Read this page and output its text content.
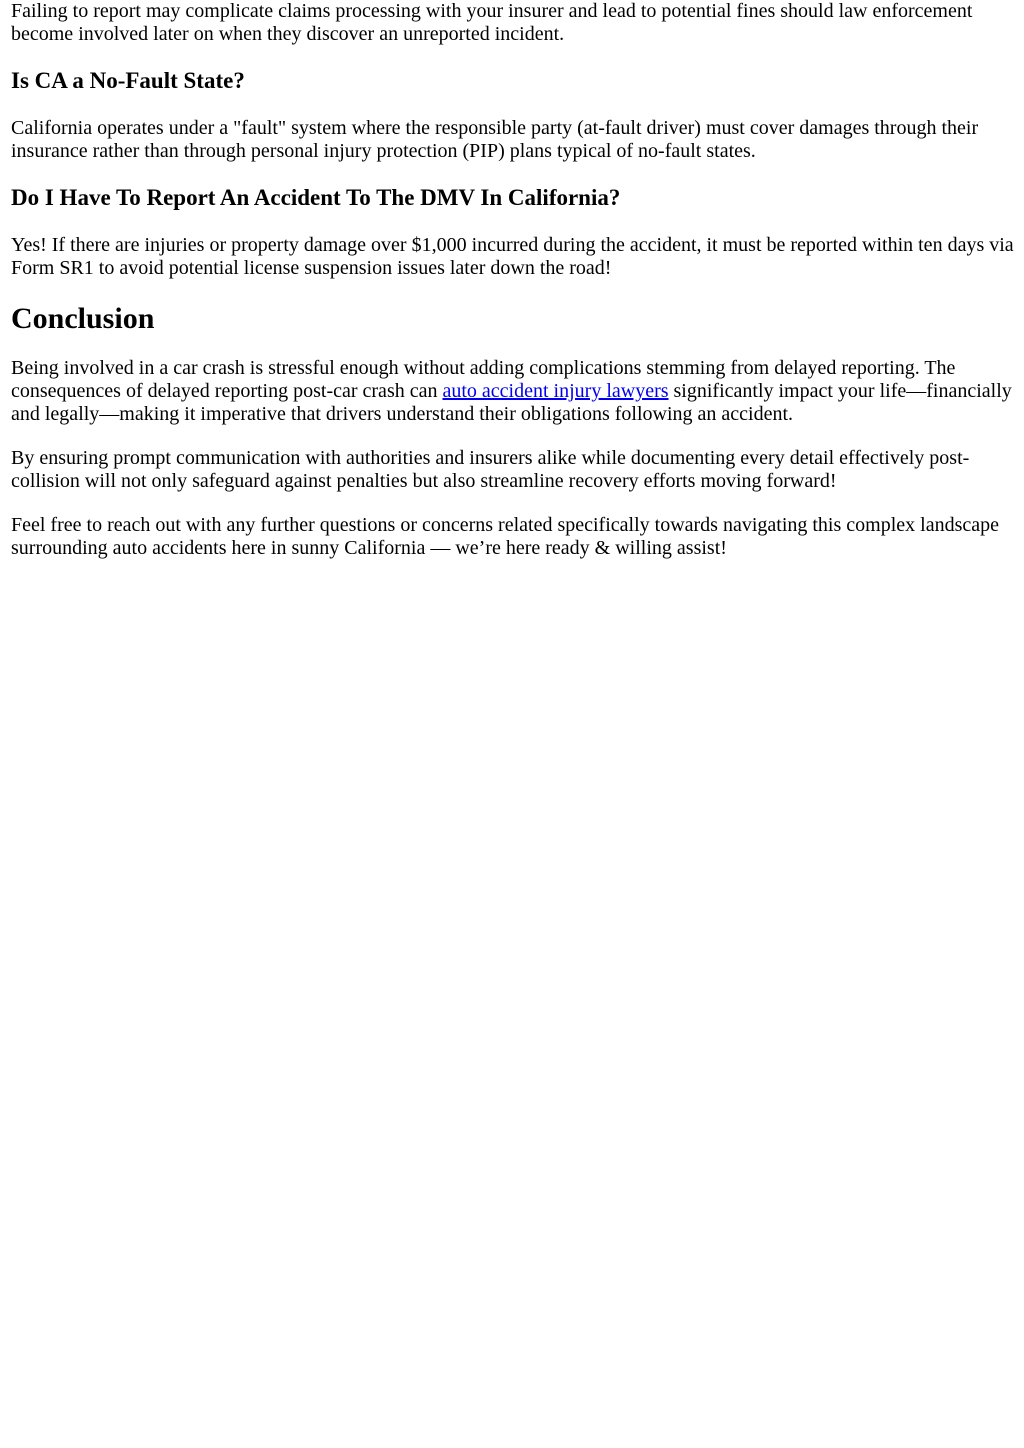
Failing to report may complicate claims processing with your insurer and lead to potential fines should law enforcement become involved later on when they discover an unreported incident.

Is CA a No-Fault State?

California operates under a "fault" system where the responsible party (at-fault driver) must cover damages through their insurance rather than through personal injury protection (PIP) plans typical of no-fault states.

Do I Have To Report An Accident To The DMV In California?

Yes! If there are injuries or property damage over $1,000 incurred during the accident, it must be reported within ten days via Form SR1 to avoid potential license suspension issues later down the road!

Conclusion

Being involved in a car crash is stressful enough without adding complications stemming from delayed reporting. The consequences of delayed reporting post-car crash can auto accident injury lawyers significantly impact your life—financially and legally—making it imperative that drivers understand their obligations following an accident.

By ensuring prompt communication with authorities and insurers alike while documenting every detail effectively post-collision will not only safeguard against penalties but also streamline recovery efforts moving forward!

Feel free to reach out with any further questions or concerns related specifically towards navigating this complex landscape surrounding auto accidents here in sunny California — we’re here ready & willing assist!
